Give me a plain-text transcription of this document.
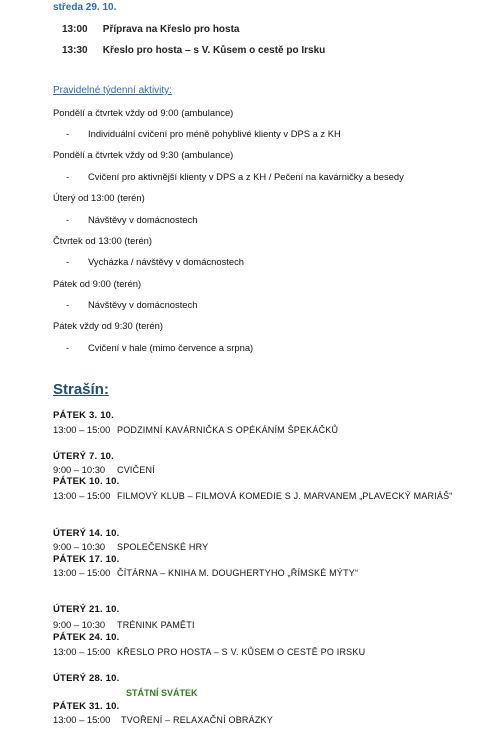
středa 29. 10.
13:00 Příprava na Křeslo pro hosta
13:30 Křeslo pro hosta – s V. Kůsem o cestě po Irsku
Pravidelné týdenní aktivity:
Pondělí a čtvrtek vždy od 9:00 (ambulance)
- Individuální cvičení pro méně pohyblivé klienty v DPS a z KH
Pondělí a čtvrtek vždy od 9:30 (ambulance)
- Cvičení pro aktivnější klienty v DPS a z KH / Pečení na kavárničky a besedy
Úterý od 13:00 (terén)
- Návštěvy v domácnostech
Čtvrtek od 13:00 (terén)
- Vycházka / návštěvy v domácnostech
Pátek od 9:00 (terén)
- Návštěvy v domácnostech
Pátek vždy od 9:30 (terén)
- Cvičení v hale (mimo července a srpna)
Strašín:
PÁTEK 3. 10.
13:00 – 15:00 PODZIMNÍ KAVÁRNIČKA S OPÉKÁNÍM ŠPEKÁČKŮ
ÚTERÝ 7. 10.
9:00 – 10:30 CVIČENÍ
PÁTEK 10. 10.
13:00 – 15:00 FILMOVÝ KLUB – FILMOVÁ KOMEDIE S J. MARVANEM „PLAVECKÝ MARIÁŠ“
ÚTERÝ 14. 10.
9:00 – 10:30 SPOLEČENSKÉ HRY
PÁTEK 17. 10.
13:00 – 15:00 ČÍTÁRNA – KNIHA M. DOUGHERTYHO „ŘÍMSKÉ MÝTY“
ÚTERÝ 21. 10.
9:00 – 10:30 TRÉNINK PAMĚTI
PÁTEK 24. 10.
13:00 – 15:00 KŘESLO PRO HOSTA – S V. KŮSEM O CESTĚ PO IRSKU
ÚTERÝ 28. 10.
STÁTNÍ SVÁTEK
PÁTEK 31. 10.
13:00 – 15:00 TVOŘENÍ – RELAXAČNÍ OBRÁZKY
